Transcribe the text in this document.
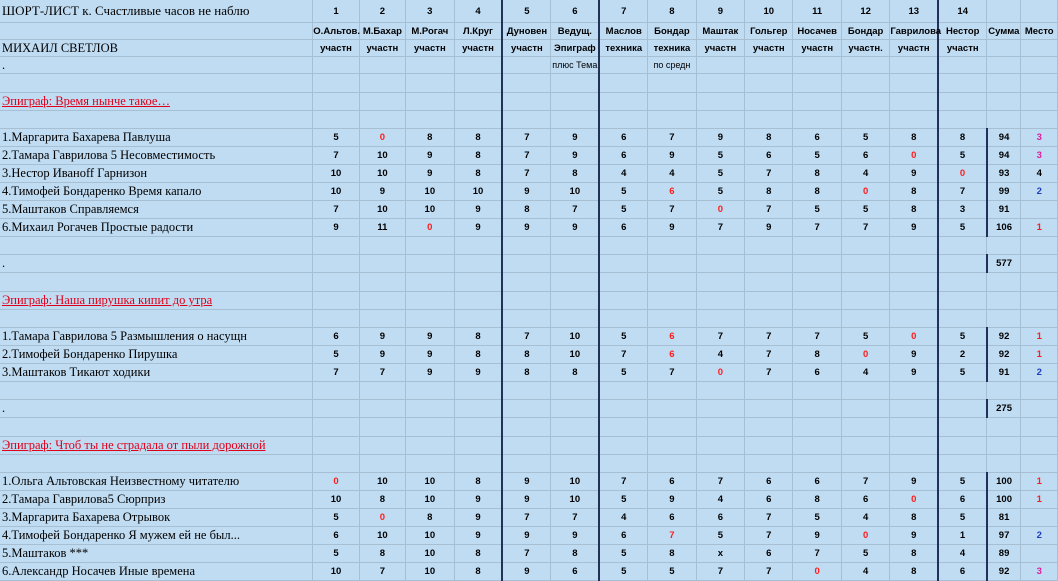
ШОРТ-ЛИСТ к. Счастливые часов не наблю	1	2	3	4	5	6	7	8	9	10	11	12	13	14		
	О.Альтов.	М.Бахар	М.Рогач	Л.Круг	Дуновен	Ведущ.	Маслов	Бондар	Маштак	Гольгер	Носачев	Бондар	Гаврилова	Нестор	Сумма	Место
МИХАИЛ СВЕТЛОВ	участн	участн	участн	участн	участн	Эпиграф	техника	техника	участн	участн	участн	участн.	участн	участн		
.						плюс Тема		по средн								

Эпиграф: Время нынче такое…																

1.Маргарита Бахарева Павлуша	5	0	8	8	7	9	6	7	9	8	6	5	8	8	94	3
2.Тамара Гаврилова 5 Несовместимость	7	10	9	8	7	9	6	9	5	6	5	6	0	5	94	3
3.Нестор Иваноff Гарнизон	10	10	9	8	7	8	4	4	5	7	8	4	9	0	93	4
4.Тимофей Бондаренко Время капало	10	9	10	10	9	10	5	6	5	8	8	0	8	7	99	2
5.Маштаков Справляемся	7	10	10	9	8	7	5	7	0	7	5	5	8	3	91	
6.Михаил Рогачев Простые радости	9	11	0	9	9	9	6	9	7	9	7	7	9	5	106	1

.															577	

Эпиграф: Наша пирушка кипит до утра																

1.Тамара Гаврилова 5 Размышления о насущн	6	9	9	8	7	10	5	6	7	7	7	5	0	5	92	1
2.Тимофей Бондаренко Пирушка	5	9	9	8	8	10	7	6	4	7	8	0	9	2	92	1
3.Маштаков Тикают ходики	7	7	9	9	8	8	5	7	0	7	6	4	9	5	91	2

.															275	

Эпиграф: Чтоб ты не страдала от пыли дорожной																

1.Ольга Альтовская Неизвестному читателю	0	10	10	8	9	10	7	6	7	6	6	7	9	5	100	1
2.Тамара Гаврилова5 Сюрприз	10	8	10	9	9	10	5	9	4	6	8	6	0	6	100	1
3.Маргарита Бахарева Отрывок	5	0	8	9	7	7	4	6	6	7	5	4	8	5	81	
4.Тимофей Бондаренко Я мужем ей не был...	6	10	10	9	9	9	6	7	5	7	9	0	9	1	97	2
5.Маштаков ***	5	8	10	8	7	8	5	8	x	6	7	5	8	4	89	
6.Александр Носачев Иные времена	10	7	10	8	9	6	5	5	7	7	0	4	8	6	92	3
